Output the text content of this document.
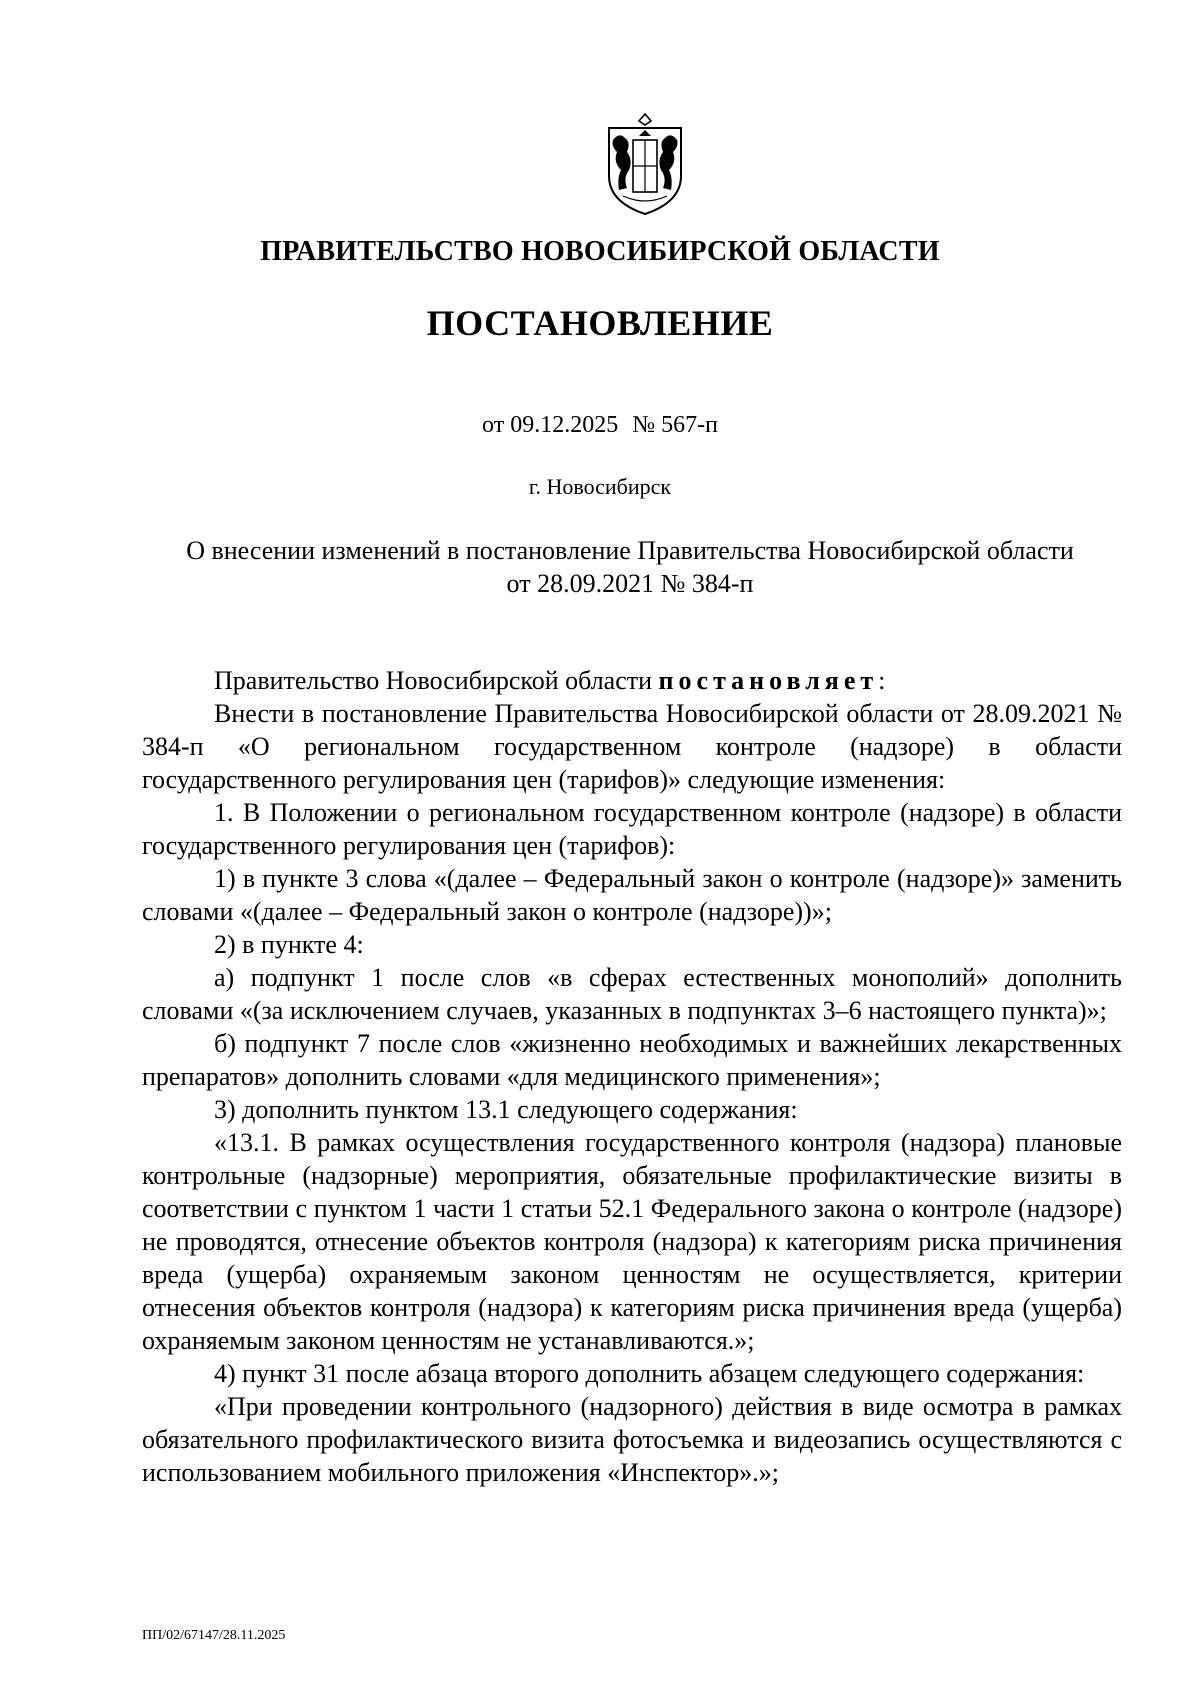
ПРАВИТЕЛЬСТВО НОВОСИБИРСКОЙ ОБЛАСТИ
ПОСТАНОВЛЕНИЕ
от 09.12.2025 № 567-п
г. Новосибирск
О внесении изменений в постановление Правительства Новосибирской области
от 28.09.2021 № 384-п

Правительство Новосибирской области постановляет:

Внести в постановление Правительства Новосибирской области от 28.09.2021 № 384-п «О региональном государственном контроле (надзоре) в области государственного регулирования цен (тарифов)» следующие изменения:

1. В Положении о региональном государственном контроле (надзоре) в области государственного регулирования цен (тарифов):

1) в пункте 3 слова «(далее – Федеральный закон о контроле (надзоре)» заменить словами «(далее – Федеральный закон о контроле (надзоре))»;

2) в пункте 4:

а) подпункт 1 после слов «в сферах естественных монополий» дополнить словами «(за исключением случаев, указанных в подпунктах 3–6 настоящего пункта)»;

б) подпункт 7 после слов «жизненно необходимых и важнейших лекарственных препаратов» дополнить словами «для медицинского применения»;

3) дополнить пунктом 13.1 следующего содержания:

«13.1. В рамках осуществления государственного контроля (надзора) плановые контрольные (надзорные) мероприятия, обязательные профилактические визиты в соответствии с пунктом 1 части 1 статьи 52.1 Федерального закона о контроле (надзоре) не проводятся, отнесение объектов контроля (надзора) к категориям риска причинения вреда (ущерба) охраняемым законом ценностям не осуществляется, критерии отнесения объектов контроля (надзора) к категориям риска причинения вреда (ущерба) охраняемым законом ценностям не устанавливаются.»;

4) пункт 31 после абзаца второго дополнить абзацем следующего содержания:

«При проведении контрольного (надзорного) действия в виде осмотра в рамках обязательного профилактического визита фотосъемка и видеозапись осуществляются с использованием мобильного приложения «Инспектор».»;

ПП/02/67147/28.11.2025
